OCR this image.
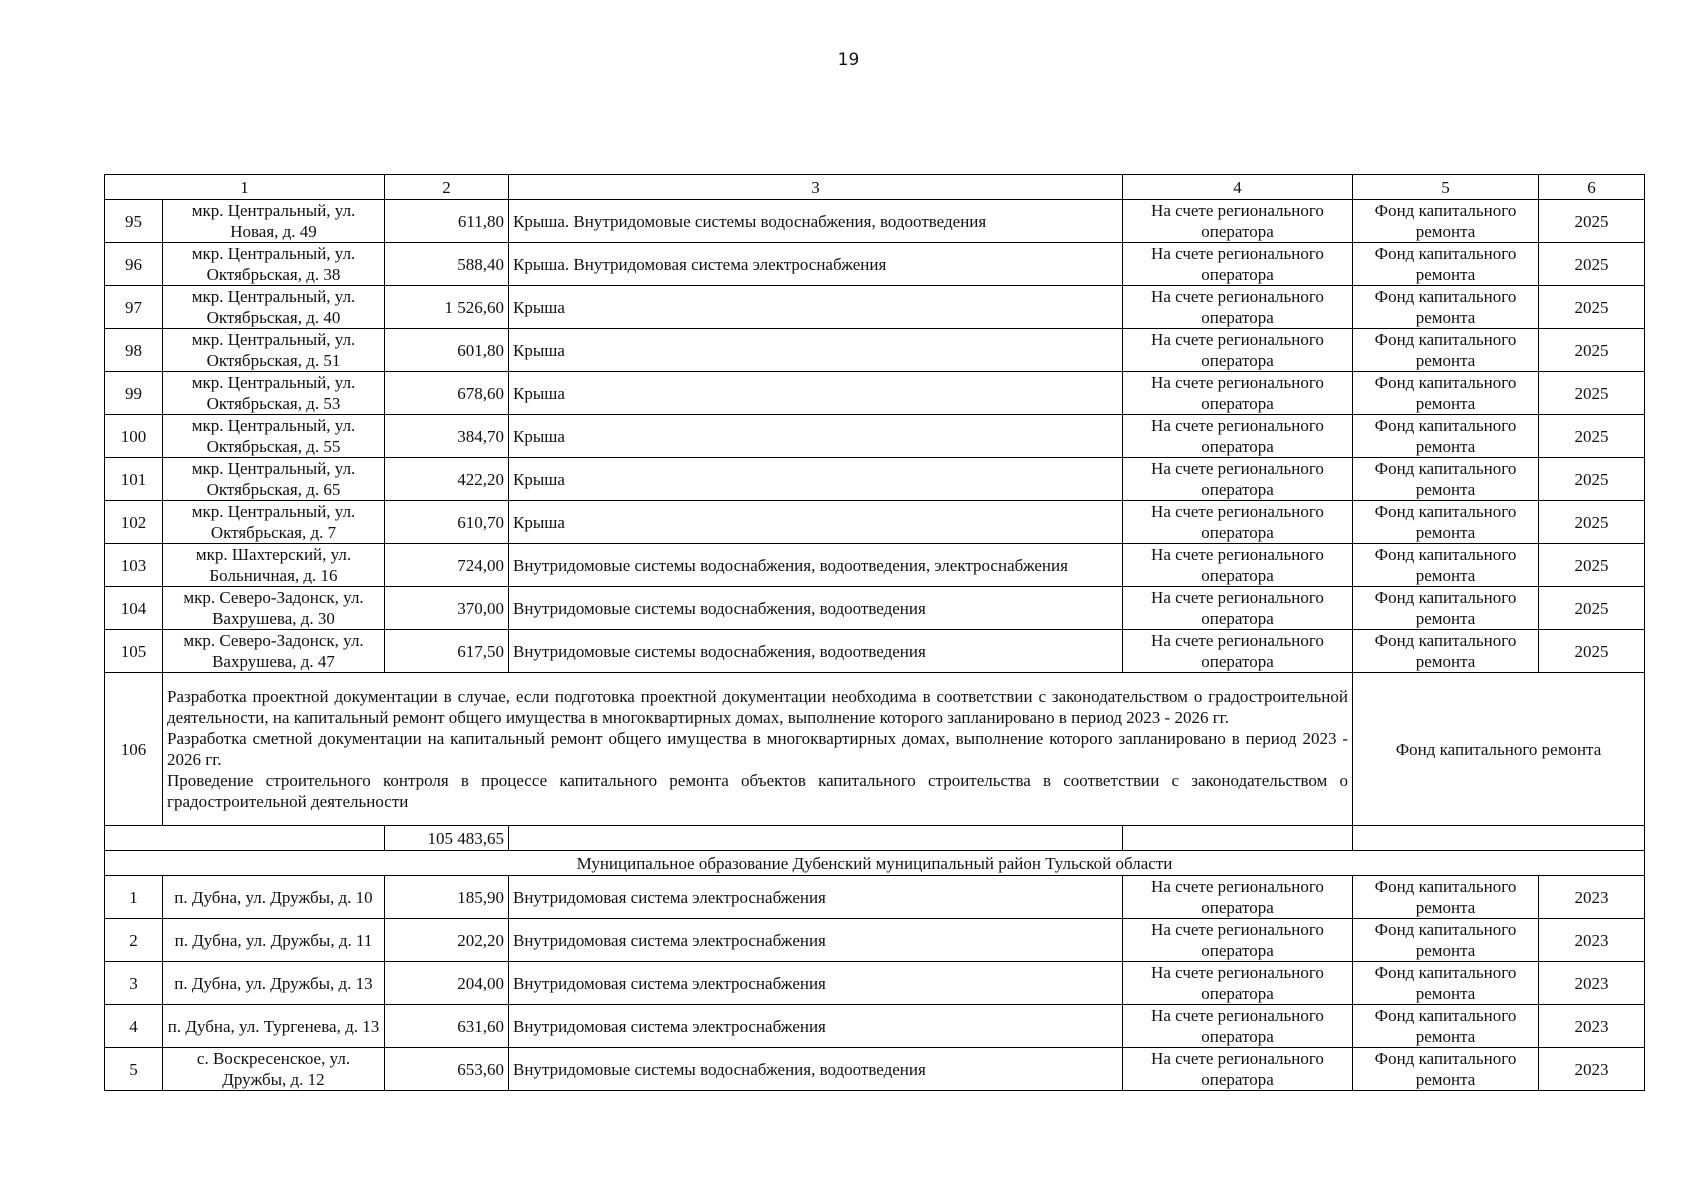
19
1		2	3	4	5	6
95	мкр. Центральный, ул. Новая, д. 49	611,80	Крыша. Внутридомовые системы водоснабжения, водоотведения	На счете регионального оператора	Фонд капитального ремонта	2025
96	мкр. Центральный, ул. Октябрьская, д. 38	588,40	Крыша. Внутридомовая система электроснабжения	На счете регионального оператора	Фонд капитального ремонта	2025
97	мкр. Центральный, ул. Октябрьская, д. 40	1 526,60	Крыша	На счете регионального оператора	Фонд капитального ремонта	2025
98	мкр. Центральный, ул. Октябрьская, д. 51	601,80	Крыша	На счете регионального оператора	Фонд капитального ремонта	2025
99	мкр. Центральный, ул. Октябрьская, д. 53	678,60	Крыша	На счете регионального оператора	Фонд капитального ремонта	2025
100	мкр. Центральный, ул. Октябрьская, д. 55	384,70	Крыша	На счете регионального оператора	Фонд капитального ремонта	2025
101	мкр. Центральный, ул. Октябрьская, д. 65	422,20	Крыша	На счете регионального оператора	Фонд капитального ремонта	2025
102	мкр. Центральный, ул. Октябрьская, д. 7	610,70	Крыша	На счете регионального оператора	Фонд капитального ремонта	2025
103	мкр. Шахтерский, ул. Больничная, д. 16	724,00	Внутридомовые системы водоснабжения, водоотведения, электроснабжения	На счете регионального оператора	Фонд капитального ремонта	2025
104	мкр. Северо-Задонск, ул. Вахрушева, д. 30	370,00	Внутридомовые системы водоснабжения, водоотведения	На счете регионального оператора	Фонд капитального ремонта	2025
105	мкр. Северо-Задонск, ул. Вахрушева, д. 47	617,50	Внутридомовые системы водоснабжения, водоотведения	На счете регионального оператора	Фонд капитального ремонта	2025
106	Разработка проектной документации в случае, если подготовка проектной документации необходима в соответствии с законодательством о градостроительной деятельности, на капитальный ремонт общего имущества в многоквартирных домах, выполнение которого запланировано в период 2023 - 2026 гг.

Разработка сметной документации на капитальный ремонт общего имущества в многоквартирных домах, выполнение которого запланировано в период 2023 - 2026 гг.

Проведение строительного контроля в процессе капитального ремонта объектов капитального строительства в соответствии с законодательством о градостроительной деятельности				Фонд капитального ремонта	
		105 483,65				
Муниципальное образование Дубенский муниципальный район Тульской области						
1	п. Дубна, ул. Дружбы, д. 10	185,90	Внутридомовая система электроснабжения	На счете регионального оператора	Фонд капитального ремонта	2023
2	п. Дубна, ул. Дружбы, д. 11	202,20	Внутридомовая система электроснабжения	На счете регионального оператора	Фонд капитального ремонта	2023
3	п. Дубна, ул. Дружбы, д. 13	204,00	Внутридомовая система электроснабжения	На счете регионального оператора	Фонд капитального ремонта	2023
4	п. Дубна, ул. Тургенева, д. 13	631,60	Внутридомовая система электроснабжения	На счете регионального оператора	Фонд капитального ремонта	2023
5	с. Воскресенское, ул. Дружбы, д. 12	653,60	Внутридомовые системы водоснабжения, водоотведения	На счете регионального оператора	Фонд капитального ремонта	2023
